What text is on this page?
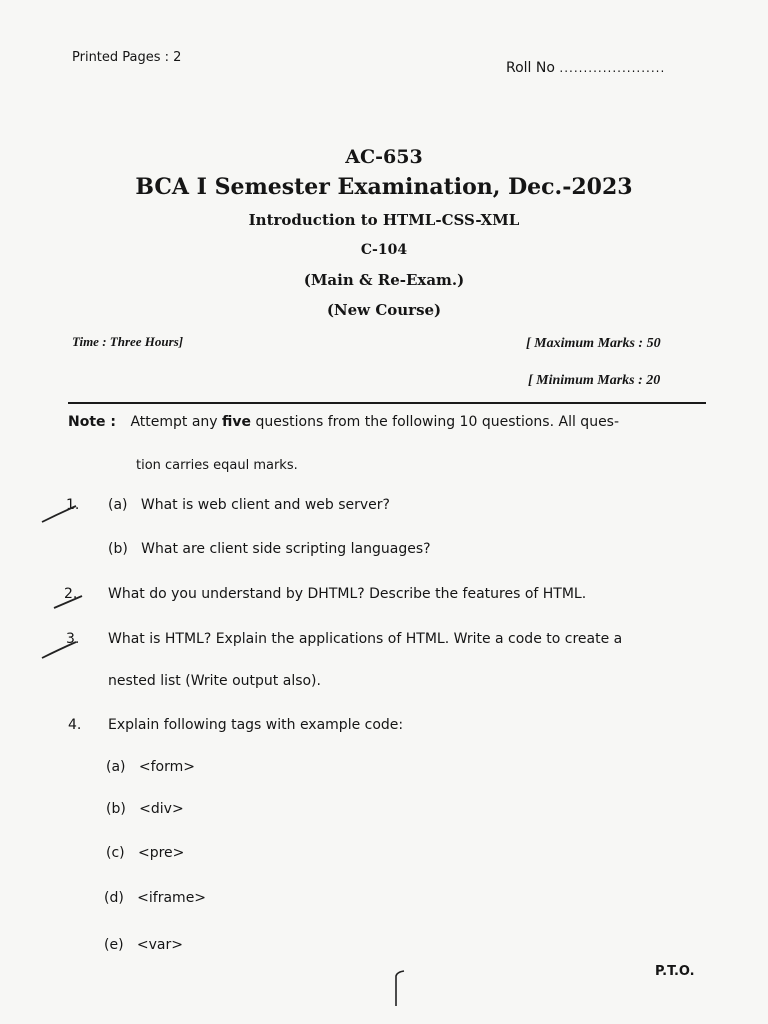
Printed Pages : 2
Roll No ......................
AC-653
BCA I Semester Examination, Dec.-2023
Introduction to HTML-CSS-XML
C-104
(Main & Re-Exam.)
(New Course)
Time : Three Hours]	[ Maximum Marks : 50
[ Minimum Marks : 20
Note : Attempt any five questions from the following 10 questions. All ques-
tion carries eqaul marks.
1. (a) What is web client and web server?
(b) What are client side scripting languages?
2. What do you understand by DHTML? Describe the features of HTML.
3. What is HTML? Explain the applications of HTML. Write a code to create a
nested list (Write output also).
4. Explain following tags with example code:
(a) <form>
(b) <div>
(c) <pre>
(d) <iframe>
(e) <var>
P.T.O.
